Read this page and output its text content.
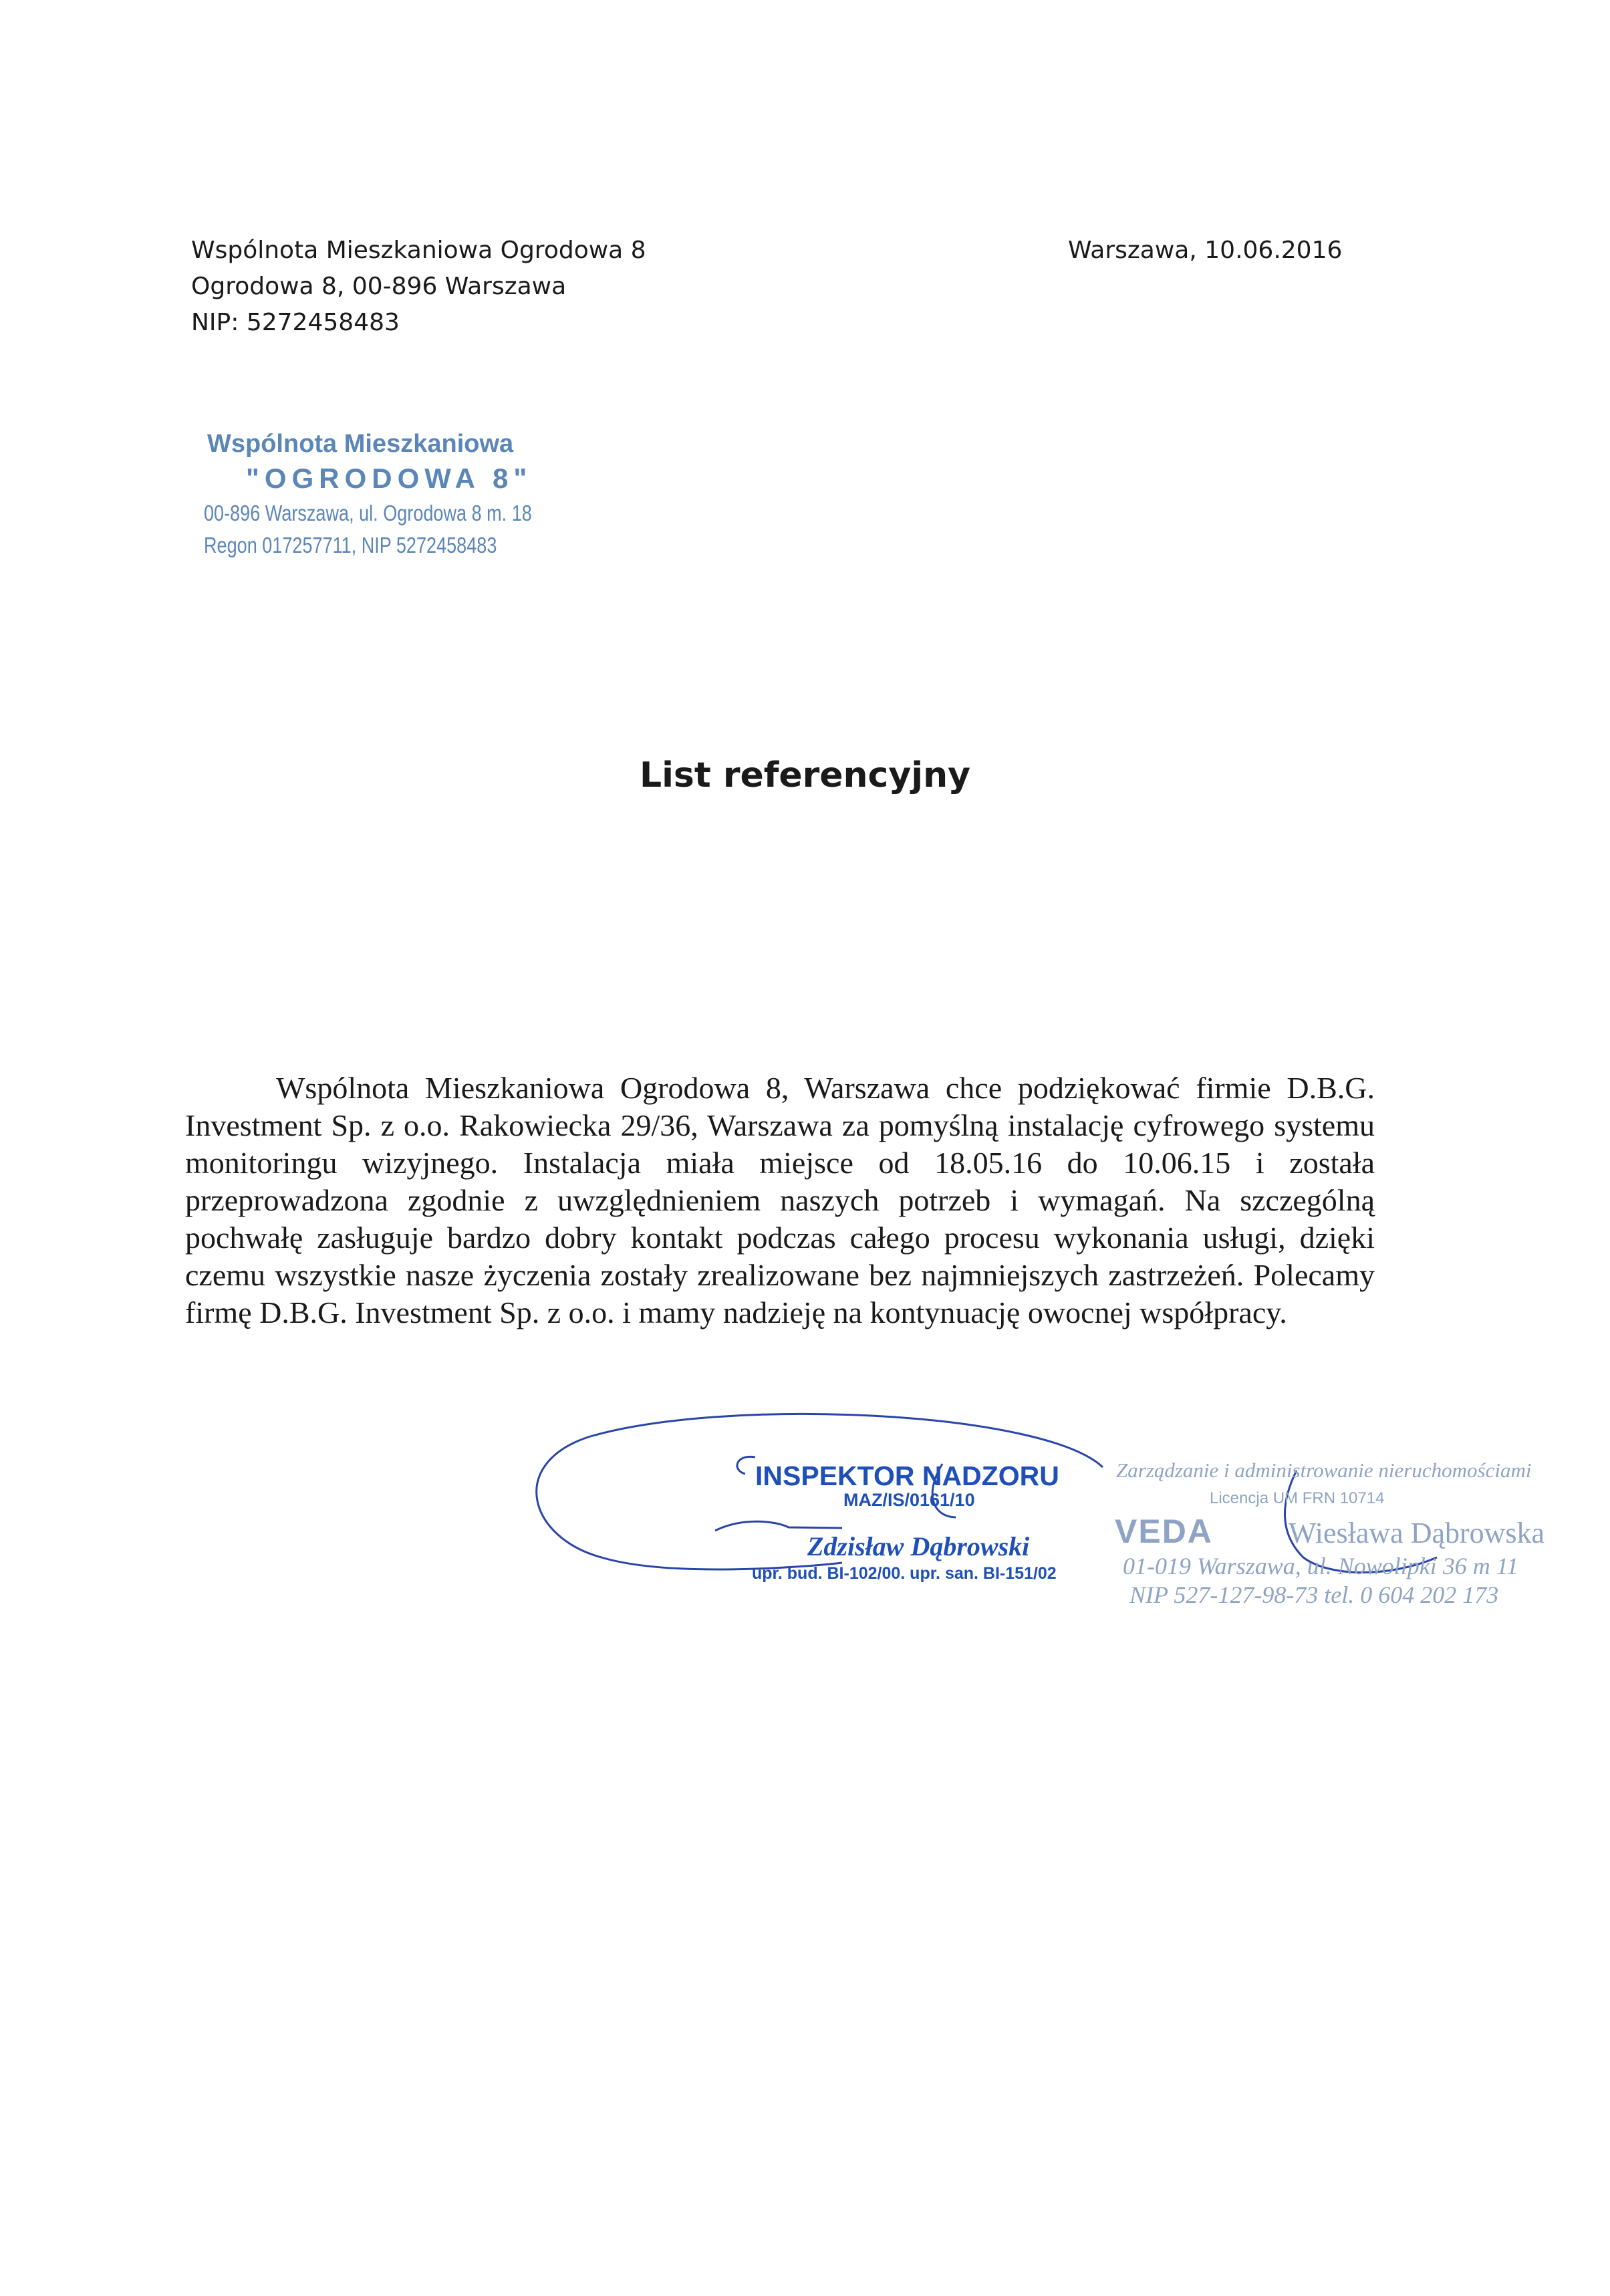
Wspólnota Mieszkaniowa Ogrodowa 8
Ogrodowa 8, 00-896 Warszawa
NIP: 5272458483
Warszawa, 10.06.2016
Wspólnota Mieszkaniowa
"OGRODOWA 8"
00-896 Warszawa, ul. Ogrodowa 8 m. 18
Regon 017257711, NIP 5272458483
List referencyjny
Wspólnota Mieszkaniowa Ogrodowa 8, Warszawa chce podziękować firmie D.B.G. Investment Sp. z o.o. Rakowiecka 29/36, Warszawa za pomyślną instalację cyfrowego systemu monitoringu wizyjnego. Instalacja miała miejsce od 18.05.16 do 10.06.15 i została przeprowadzona zgodnie z uwzględnieniem naszych potrzeb i wymagań. Na szczególną pochwałę zasługuje bardzo dobry kontakt podczas całego procesu wykonania usługi, dzięki czemu wszystkie nasze życzenia zostały zrealizowane bez najmniejszych zastrzeżeń. Polecamy firmę D.B.G. Investment Sp. z o.o. i mamy nadzieję na kontynuację owocnej współpracy.
INSPEKTOR NADZORU
MAZ/IS/0161/10
Zdzisław Dąbrowski
upr. bud. BI-102/00. upr. san. BI-151/02
Zarządzanie i administrowanie nieruchomościami
Licencja UM FRN 10714
VEDA	Wiesława Dąbrowska
01-019 Warszawa, ul. Nowolipki 36 m 11
NIP 527-127-98-73 tel. 0 604 202 173
